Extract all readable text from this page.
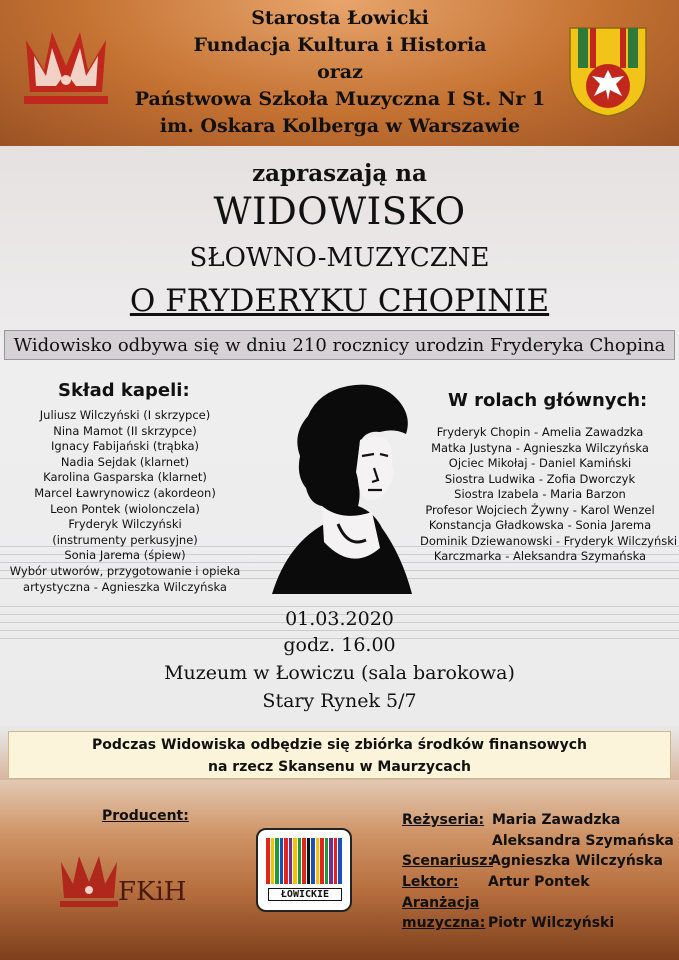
Starosta Łowicki
Fundacja Kultura i Historia
oraz
Państwowa Szkoła Muzyczna I St. Nr 1
im. Oskara Kolberga w Warszawie
zapraszają na
WIDOWISKO
SŁOWNO-MUZYCZNE
O FRYDERYKU CHOPINIE
Widowisko odbywa się w dniu 210 rocznicy urodzin Fryderyka Chopina
Skład kapeli:
Juliusz Wilczyński (I skrzypce)
Nina Mamot (II skrzypce)
Ignacy Fabijański (trąbka)
Nadia Sejdak (klarnet)
Karolina Gasparska (klarnet)
Marcel Ławrynowicz (akordeon)
Leon Pontek (wiolonczela)
Fryderyk Wilczyński
(instrumenty perkusyjne)
Sonia Jarema (śpiew)
Wybór utworów, przygotowanie i opieka
artystyczna - Agnieszka Wilczyńska
W rolach głównych:
Fryderyk Chopin - Amelia Zawadzka
Matka Justyna - Agnieszka Wilczyńska
Ojciec Mikołaj - Daniel Kamiński
Siostra Ludwika - Zofia Dworczyk
Siostra Izabela - Maria Barzon
Profesor Wojciech Żywny - Karol Wenzel
Konstancja Gładkowska - Sonia Jarema
Dominik Dziewanowski - Fryderyk Wilczyński
Karczmarka - Aleksandra Szymańska
01.03.2020
godz. 16.00
Muzeum w Łowiczu (sala barokowa)
Stary Rynek 5/7
Podczas Widowiska odbędzie się zbiórka środków finansowych
na rzecz Skansenu w Maurzycach
Producent:
FKiH	ŁOWICKIE
Reżyseria: Maria Zawadzka
Aleksandra Szymańska
Scenariusz:
Agnieszka Wilczyńska
Lektor: Artur Pontek
Aranżacja
muzyczna: Piotr Wilczyński
